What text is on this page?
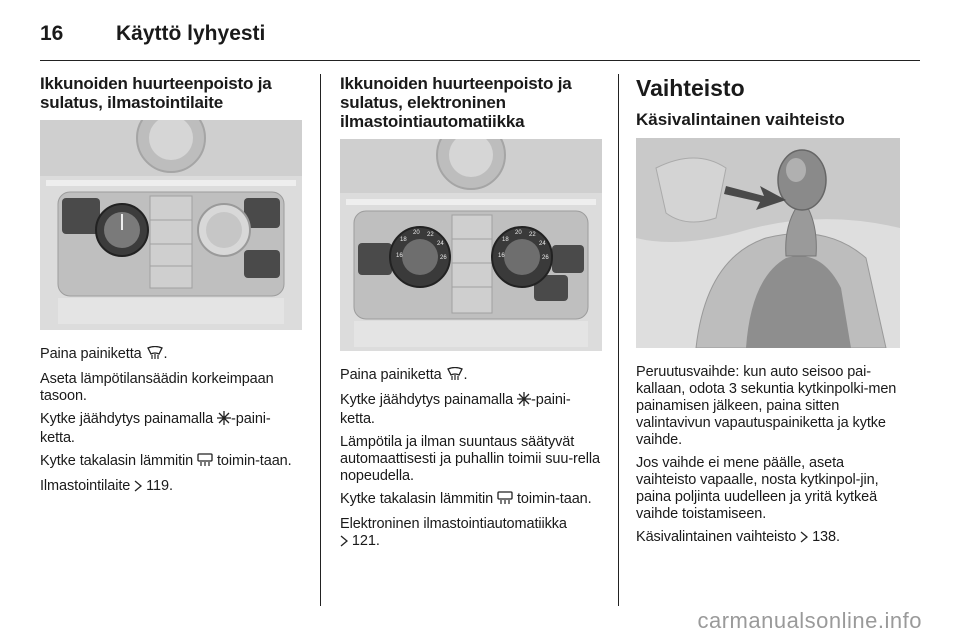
16	Käyttö lyhyesti
Ikkunoiden huurteenpoisto ja sulatus, ilmastointilaite

Paina painiketta .

Aseta lämpötilansäädin korkeimpaan tasoon.

Kytke jäähdytys painamalla -paini-ketta.

Kytke takalasin lämmitin  toimin-taan.

Ilmastointilaite  119.

Ikkunoiden huurteenpoisto ja sulatus, elektroninen ilmastointiautomatiikka
16
18
20 22
24
26	16
18
20 22
24
26

Paina painiketta .

Kytke jäähdytys painamalla -paini-ketta.

Lämpötila ja ilman suuntaus säätyvät automaattisesti ja puhallin toimii suu-rella nopeudella.

Kytke takalasin lämmitin  toimin-taan.

Elektroninen ilmastointiautomatiikka
121.

Vaihteisto
Käsivalintainen vaihteisto

Peruutusvaihde: kun auto seisoo pai-kallaan, odota 3 sekuntia kytkinpolki-men painamisen jälkeen, paina sitten valintavivun vapautuspainiketta ja kytke vaihde.

Jos vaihde ei mene päälle, aseta vaihteisto vapaalle, nosta kytkinpol-jin, paina poljinta uudelleen ja yritä kytkeä vaihde toistamiseen.

Käsivalintainen vaihteisto  138.

carmanualsonline.info
